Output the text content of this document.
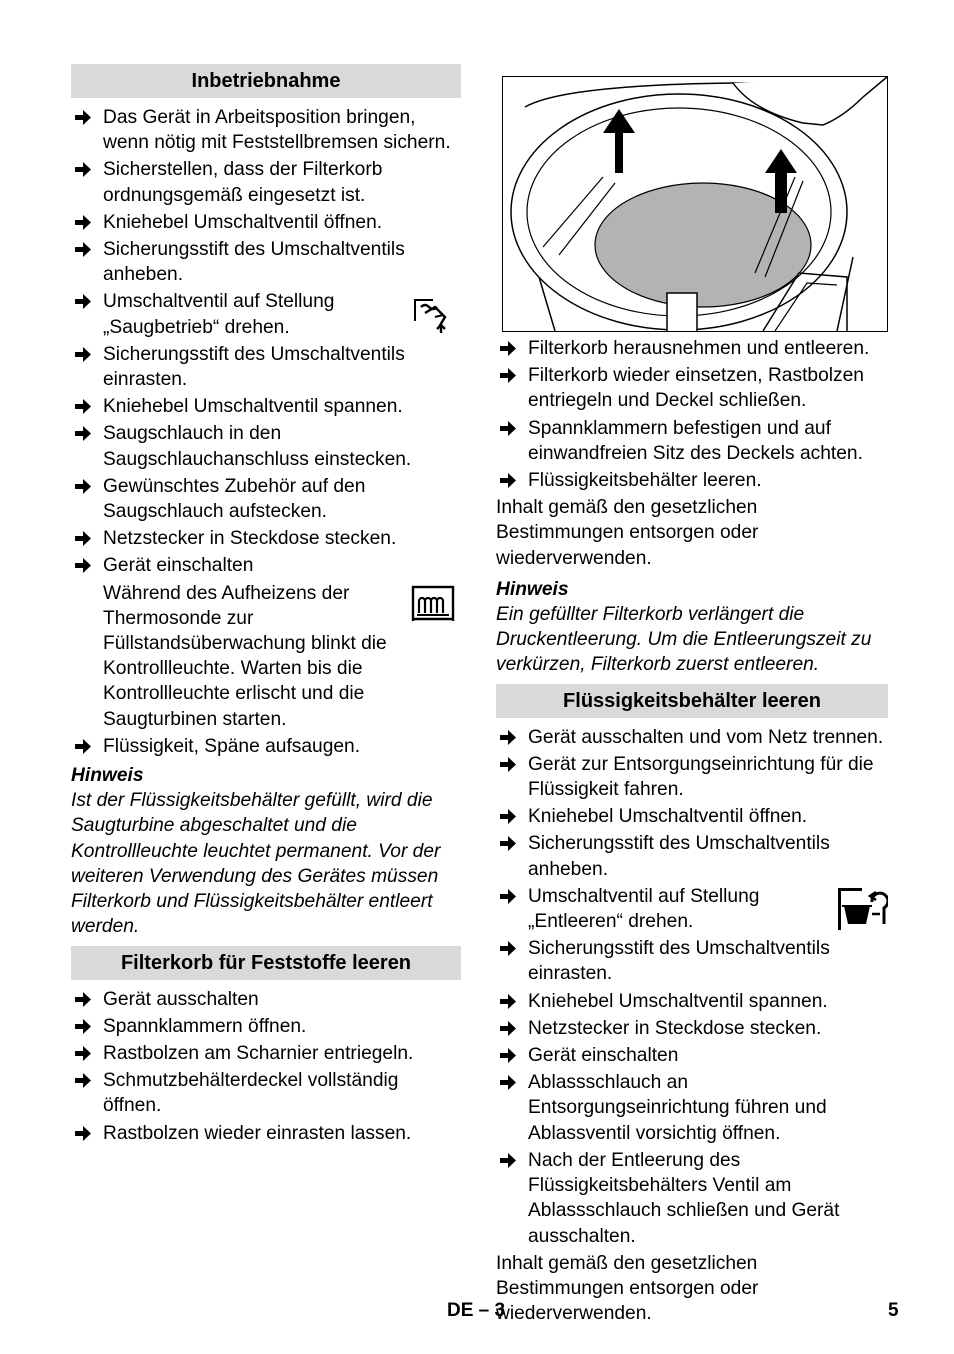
Inbetriebnahme
Das Gerät in Arbeitsposition bringen, wenn nötig mit Feststellbremsen sichern.
Sicherstellen, dass der Filterkorb ordnungsgemäß eingesetzt ist.
Kniehebel Umschaltventil öffnen.
Sicherungsstift des Umschaltventils anheben.
Umschaltventil auf Stellung „Saugbetrieb“ drehen.
Sicherungsstift des Umschaltventils einrasten.
Kniehebel Umschaltventil spannen.
Saugschlauch in den Saugschlauchanschluss einstecken.
Gewünschtes Zubehör auf den Saugschlauch aufstecken.
Netzstecker in Steckdose stecken.
Gerät einschalten
Während des Aufheizens der Thermosonde zur Füllstandsüberwachung blinkt die Kontrollleuchte. Warten bis die Kontrollleuchte erlischt und die Saugturbinen starten.
Flüssigkeit, Späne aufsaugen.
Hinweis
Ist der Flüssigkeitsbehälter gefüllt, wird die Saugturbine abgeschaltet und die Kontrollleuchte leuchtet permanent. Vor der weiteren Verwendung des Gerätes müssen Filterkorb und Flüssigkeitsbehälter entleert werden.
Filterkorb für Feststoffe leeren
Gerät ausschalten
Spannklammern öffnen.
Rastbolzen am Scharnier entriegeln.
Schmutzbehälterdeckel vollständig öffnen.
Rastbolzen wieder einrasten lassen.
Filterkorb herausnehmen und entleeren.
Filterkorb wieder einsetzen, Rastbolzen entriegeln und Deckel schließen.
Spannklammern befestigen und auf einwandfreien Sitz des Deckels achten.
Flüssigkeitsbehälter leeren.
Inhalt gemäß den gesetzlichen Bestimmungen entsorgen oder wiederverwenden.
Hinweis
Ein gefüllter Filterkorb verlängert die Druckentleerung. Um die Entleerungszeit zu verkürzen, Filterkorb zuerst entleeren.
Flüssigkeitsbehälter leeren
Gerät ausschalten und vom Netz trennen.
Gerät zur Entsorgungseinrichtung für die Flüssigkeit fahren.
Kniehebel Umschaltventil öffnen.
Sicherungsstift des Umschaltventils anheben.
Umschaltventil auf Stellung „Entleeren“ drehen.
Sicherungsstift des Umschaltventils einrasten.
Kniehebel Umschaltventil spannen.
Netzstecker in Steckdose stecken.
Gerät einschalten
Ablassschlauch an Entsorgungseinrichtung führen und Ablassventil vorsichtig öffnen.
Nach der Entleerung des Flüssigkeitsbehälters Ventil am Ablassschlauch schließen und Gerät ausschalten.
Inhalt gemäß den gesetzlichen Bestimmungen entsorgen oder wiederverwenden.
DE – 3	5
